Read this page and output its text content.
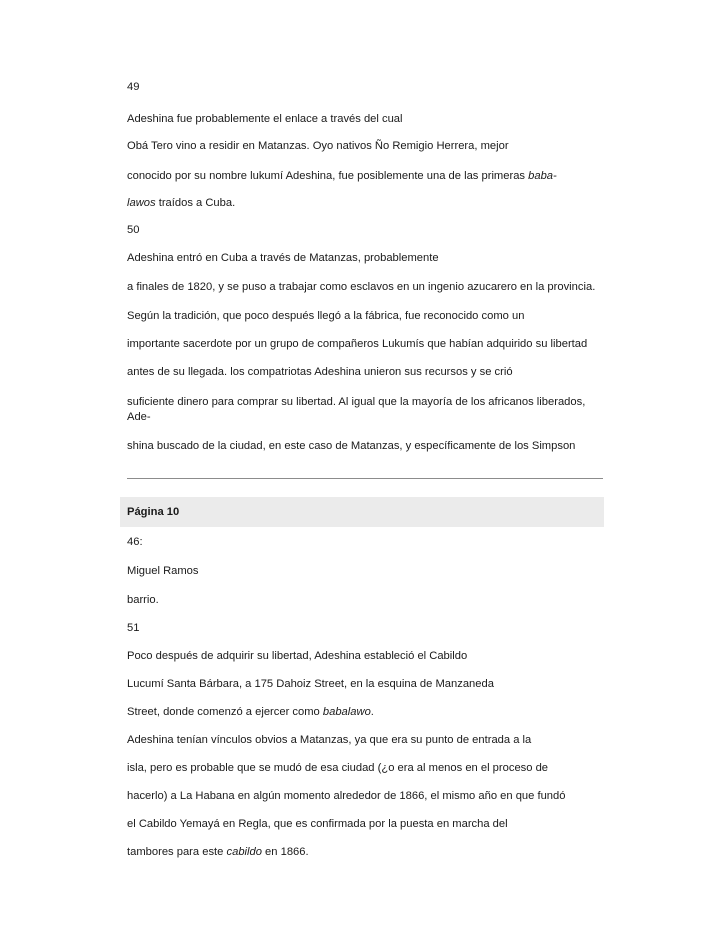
49

Adeshina fue probablemente el enlace a través del cual

Obá Tero vino a residir en Matanzas. Oyo nativos Ño Remigio Herrera, mejor

conocido por su nombre lukumí Adeshina, fue posiblemente una de las primeras baba-

lawos traídos a Cuba.

50

Adeshina entró en Cuba a través de Matanzas, probablemente

a finales de 1820, y se puso a trabajar como esclavos en un ingenio azucarero en la provincia.

Según la tradición, que poco después llegó a la fábrica, fue reconocido como un

importante sacerdote por un grupo de compañeros Lukumís que habían adquirido su libertad

antes de su llegada. los compatriotas Adeshina unieron sus recursos y se crió

suficiente dinero para comprar su libertad. Al igual que la mayoría de los africanos liberados,

Ade-

shina buscado de la ciudad, en este caso de Matanzas, y específicamente de los Simpson

Página 10

46:

Miguel Ramos

barrio.

51

Poco después de adquirir su libertad, Adeshina estableció el Cabildo

Lucumí Santa Bárbara, a 175 Dahoiz Street, en la esquina de Manzaneda

Street, donde comenzó a ejercer como babalawo.

Adeshina tenían vínculos obvios a Matanzas, ya que era su punto de entrada a la

isla, pero es probable que se mudó de esa ciudad (¿o era al menos en el proceso de

hacerlo) a La Habana en algún momento alrededor de 1866, el mismo año en que fundó

el Cabildo Yemayá en Regla, que es confirmada por la puesta en marcha del

tambores para este cabildo en 1866.
